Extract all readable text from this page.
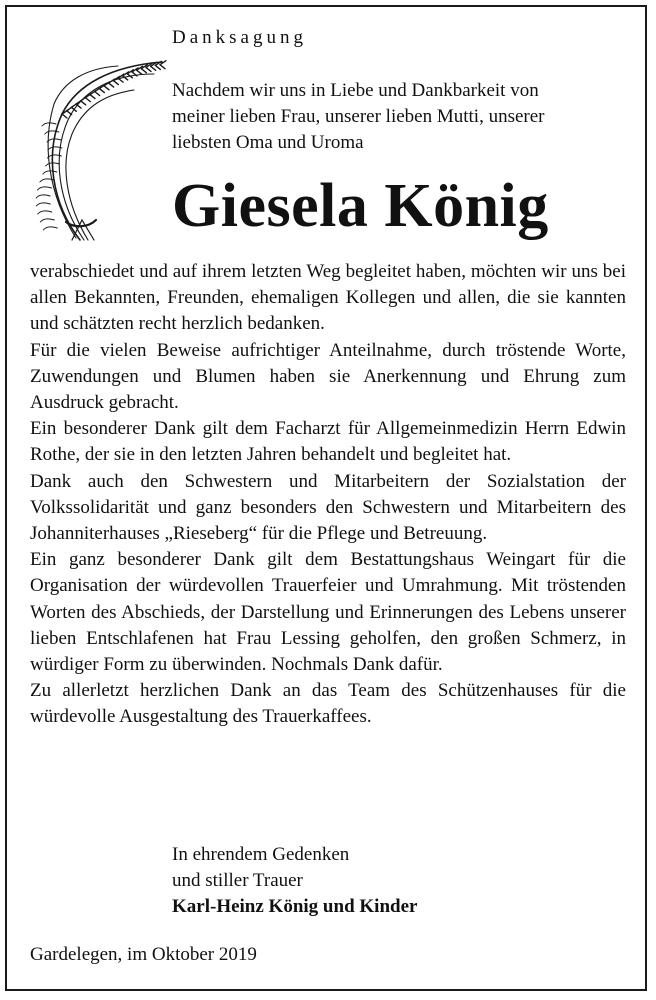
Danksagung

Nachdem wir uns in Liebe und Dankbarkeit von

meiner lieben Frau, unserer lieben Mutti, unserer

liebsten Oma und Uroma

Giesela König

verabschiedet und auf ihrem letzten Weg begleitet haben, möchten wir uns bei allen Bekannten, Freunden, ehemaligen Kollegen und allen, die sie kannten und schätzten recht herzlich bedanken.

Für die vielen Beweise aufrichtiger Anteilnahme, durch tröstende Worte, Zuwendungen und Blumen haben sie Anerkennung und Ehrung zum Ausdruck gebracht.

Ein besonderer Dank gilt dem Facharzt für Allgemeinmedizin Herrn Edwin Rothe, der sie in den letzten Jahren behandelt und begleitet hat.

Dank auch den Schwestern und Mitarbeitern der Sozialstation der Volkssolidarität und ganz besonders den Schwestern und Mitarbeitern des Johanniterhauses „Rieseberg“ für die Pflege und Betreuung.

Ein ganz besonderer Dank gilt dem Bestattungshaus Weingart für die Organisation der würdevollen Trauerfeier und Umrahmung. Mit tröstenden Worten des Abschieds, der Darstellung und Erinnerungen des Lebens unserer lieben Entschlafenen hat Frau Lessing geholfen, den großen Schmerz, in würdiger Form zu überwinden. Nochmals Dank dafür.

Zu allerletzt herzlichen Dank an das Team des Schützenhauses für die würdevolle Ausgestaltung des Trauerkaffees.

In ehrendem Gedenken
und stiller Trauer
Karl-Heinz König und Kinder
Gardelegen, im Oktober 2019
